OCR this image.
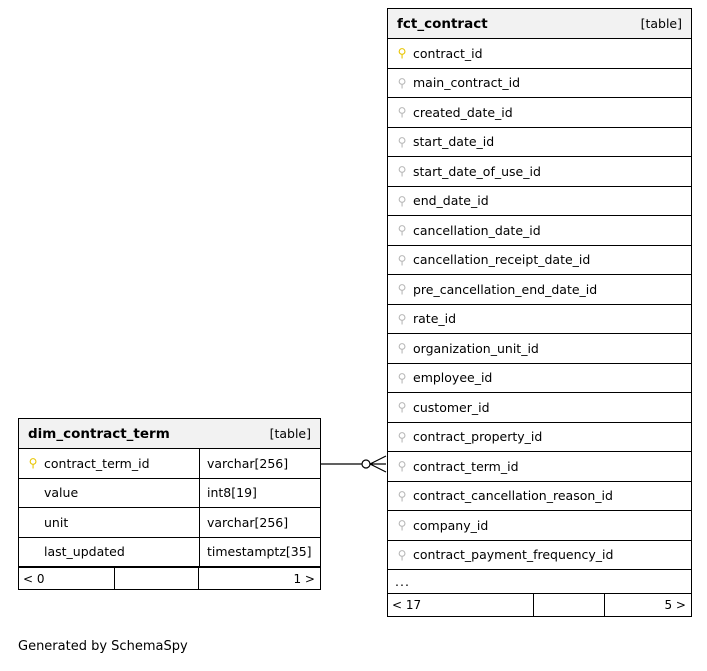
fct_contract	[table]
⚲ contract_id
⚲ main_contract_id
⚲ created_date_id
⚲ start_date_id
⚲ start_date_of_use_id
⚲ end_date_id
⚲ cancellation_date_id
⚲ cancellation_receipt_date_id
⚲ pre_cancellation_end_date_id
⚲ rate_id
⚲ organization_unit_id
⚲ employee_id
⚲ customer_id
⚲ contract_property_id
⚲ contract_term_id
⚲ contract_cancellation_reason_id
⚲ company_id
⚲ contract_payment_frequency_id
...
< 17	5 >
dim_contract_term	[table]
⚲ contract_term_id	varchar[256]
value	int8[19]
unit	varchar[256]
last_updated	timestamptz[35]
< 0	1 >
Generated by SchemaSpy
